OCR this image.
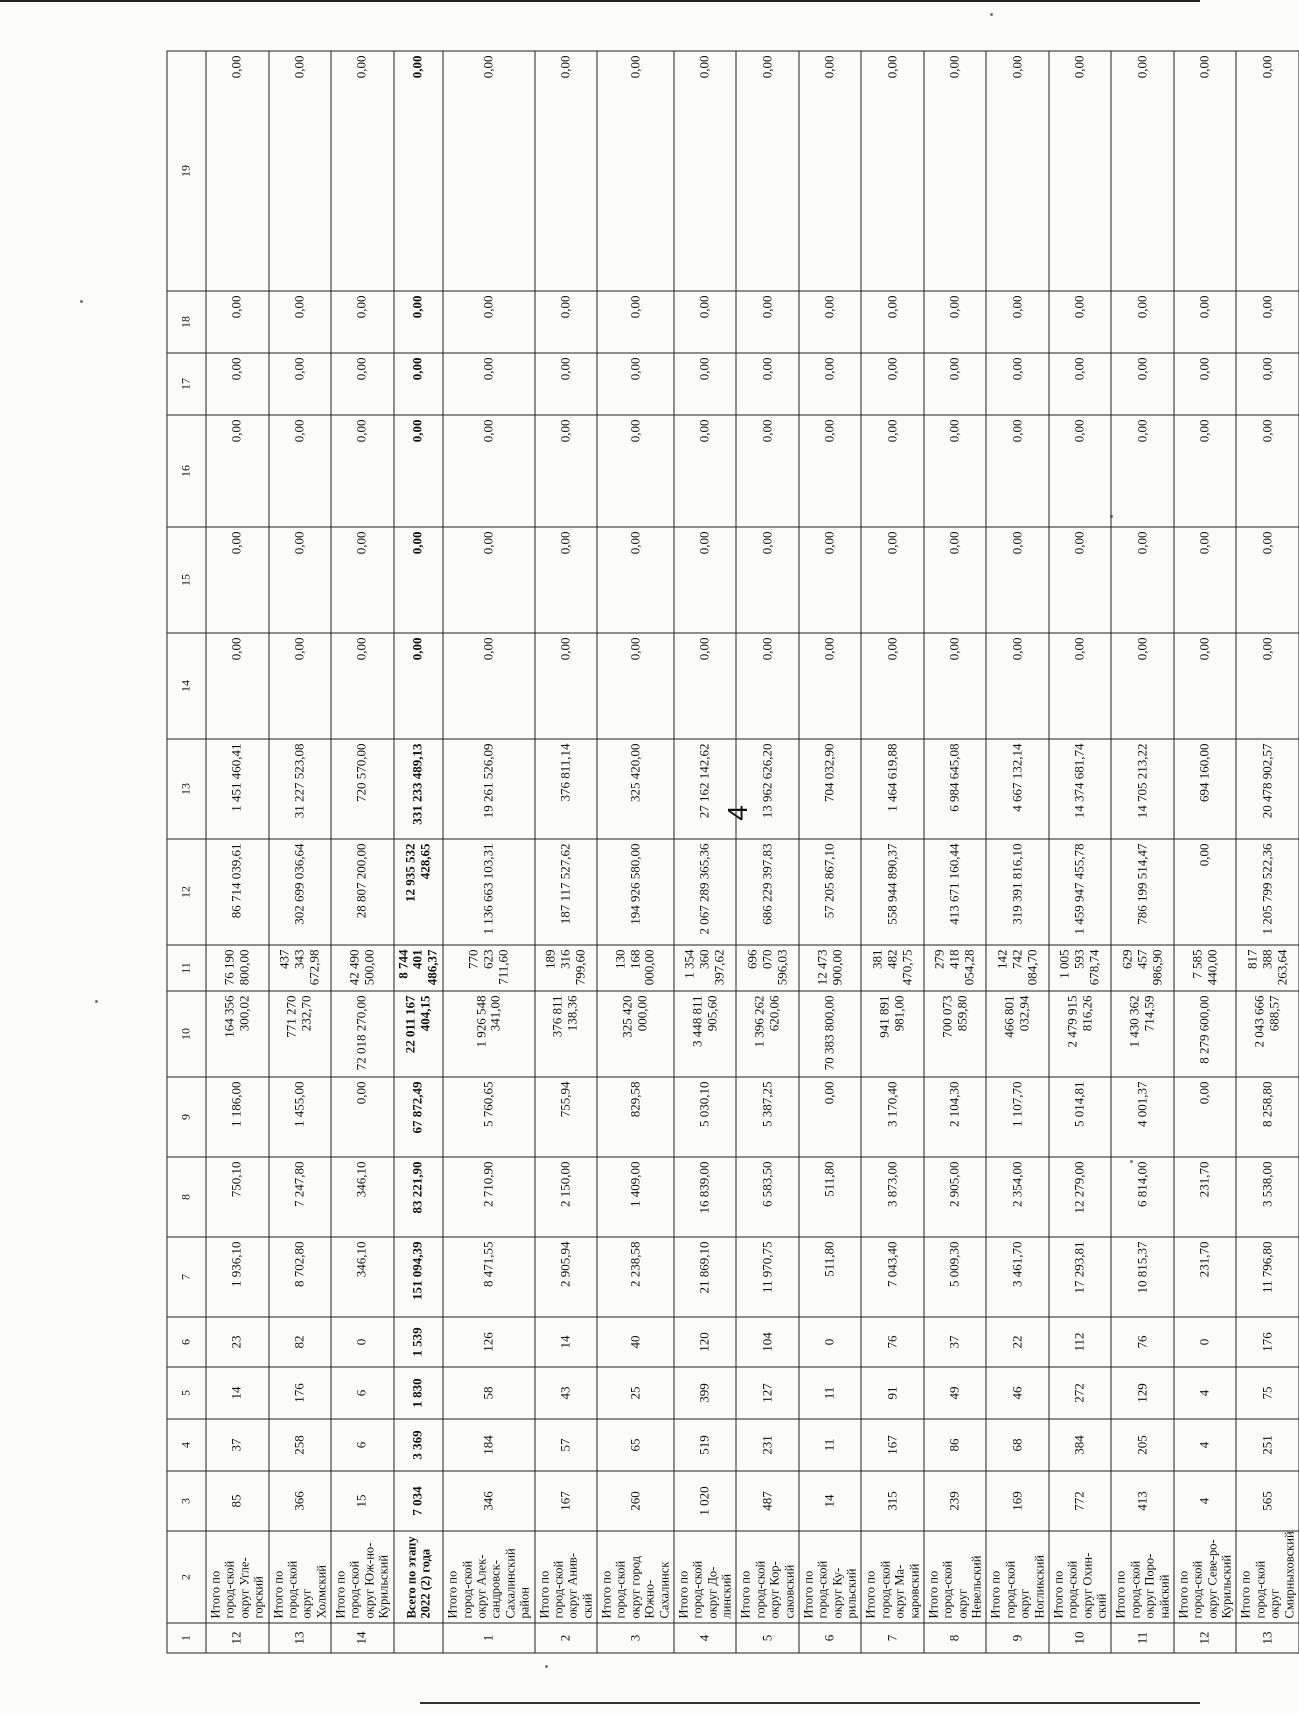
4
1	2	3	4	5	6	7	8	9	10	11	12	13	14	15	16	17	18	19
12	Итого по город-ской округ Угле-горский	85	37	14	23	1 936,10	750,10	1 186,00	164 356 300,02	76 190 800,00	86 714 039,61	1 451 460,41	0,00	0,00	0,00	0,00	0,00	0,00
13	Итого по город-ской округ Холмский	366	258	176	82	8 702,80	7 247,80	1 455,00	771 270 232,70	437 343 672,98	302 699 036,64	31 227 523,08	0,00	0,00	0,00	0,00	0,00	0,00
14	Итого по город-ской округ Юж-но-Курильский	15	6	6	0	346,10	346,10	0,00	72 018 270,00	42 490 500,00	28 807 200,00	720 570,00	0,00	0,00	0,00	0,00	0,00	0,00
	Всего по этапу 2022 (2) года	7 034	3 369	1 830	1 539	151 094,39	83 221,90	67 872,49	22 011 167 404,15	8 744 401 486,37	12 935 532 428,65	331 233 489,13	0,00	0,00	0,00	0,00	0,00	0,00
1	Итого по город-ской округ Алек-сандровск-Сахалинский район	346	184	58	126	8 471,55	2 710,90	5 760,65	1 926 548 341,00	770 623 711,60	1 136 663 103,31	19 261 526,09	0,00	0,00	0,00	0,00	0,00	0,00
2	Итого по город-ской округ Анив-ский	167	57	43	14	2 905,94	2 150,00	755,94	376 811 138,36	189 316 799,60	187 117 527,62	376 811,14	0,00	0,00	0,00	0,00	0,00	0,00
3	Итого по город-ской округ город Южно-Сахалинск	260	65	25	40	2 238,58	1 409,00	829,58	325 420 000,00	130 168 000,00	194 926 580,00	325 420,00	0,00	0,00	0,00	0,00	0,00	0,00
4	Итого по город-ской округ До-линский	1 020	519	399	120	21 869,10	16 839,00	5 030,10	3 448 811 905,60	1 354 360 397,62	2 067 289 365,36	27 162 142,62	0,00	0,00	0,00	0,00	0,00	0,00
5	Итого по город-ской округ Кор-саковский	487	231	127	104	11 970,75	6 583,50	5 387,25	1 396 262 620,06	696 070 596,03	686 229 397,83	13 962 626,20	0,00	0,00	0,00	0,00	0,00	0,00
6	Итого по город-ской округ Ку-рильский	14	11	11	0	511,80	511,80	0,00	70 383 800,00	12 473 900,00	57 205 867,10	704 032,90	0,00	0,00	0,00	0,00	0,00	0,00
7	Итого по город-ской округ Ма-каровский	315	167	91	76	7 043,40	3 873,00	3 170,40	941 891 981,00	381 482 470,75	558 944 890,37	1 464 619,88	0,00	0,00	0,00	0,00	0,00	0,00
8	Итого по город-ской округ Невельский	239	86	49	37	5 009,30	2 905,00	2 104,30	700 073 859,80	279 418 054,28	413 671 160,44	6 984 645,08	0,00	0,00	0,00	0,00	0,00	0,00
9	Итого по город-ской округ Ногликский	169	68	46	22	3 461,70	2 354,00	1 107,70	466 801 032,94	142 742 084,70	319 391 816,10	4 667 132,14	0,00	0,00	0,00	0,00	0,00	0,00
10	Итого по город-ской округ Охин-ский	772	384	272	112	17 293,81	12 279,00	5 014,81	2 479 915 816,26	1 005 593 678,74	1 459 947 455,78	14 374 681,74	0,00	0,00	0,00	0,00	0,00	0,00
11	Итого по город-ской округ Поро-найский	413	205	129	76	10 815,37	6 814,00	4 001,37	1 430 362 714,59	629 457 986,90	786 199 514,47	14 705 213,22	0,00	0,00	0,00	0,00	0,00	0,00
12	Итого по город-ской округ Севе-ро-Курильский	4	4	4	0	231,70	231,70	0,00	8 279 600,00	7 585 440,00	0,00	694 160,00	0,00	0,00	0,00	0,00	0,00	0,00
13	Итого по город-ской округ Смирныховский	565	251	75	176	11 796,80	3 538,00	8 258,80	2 043 666 688,57	817 388 263,64	1 205 799 522,36	20 478 902,57	0,00	0,00	0,00	0,00	0,00	0,00
